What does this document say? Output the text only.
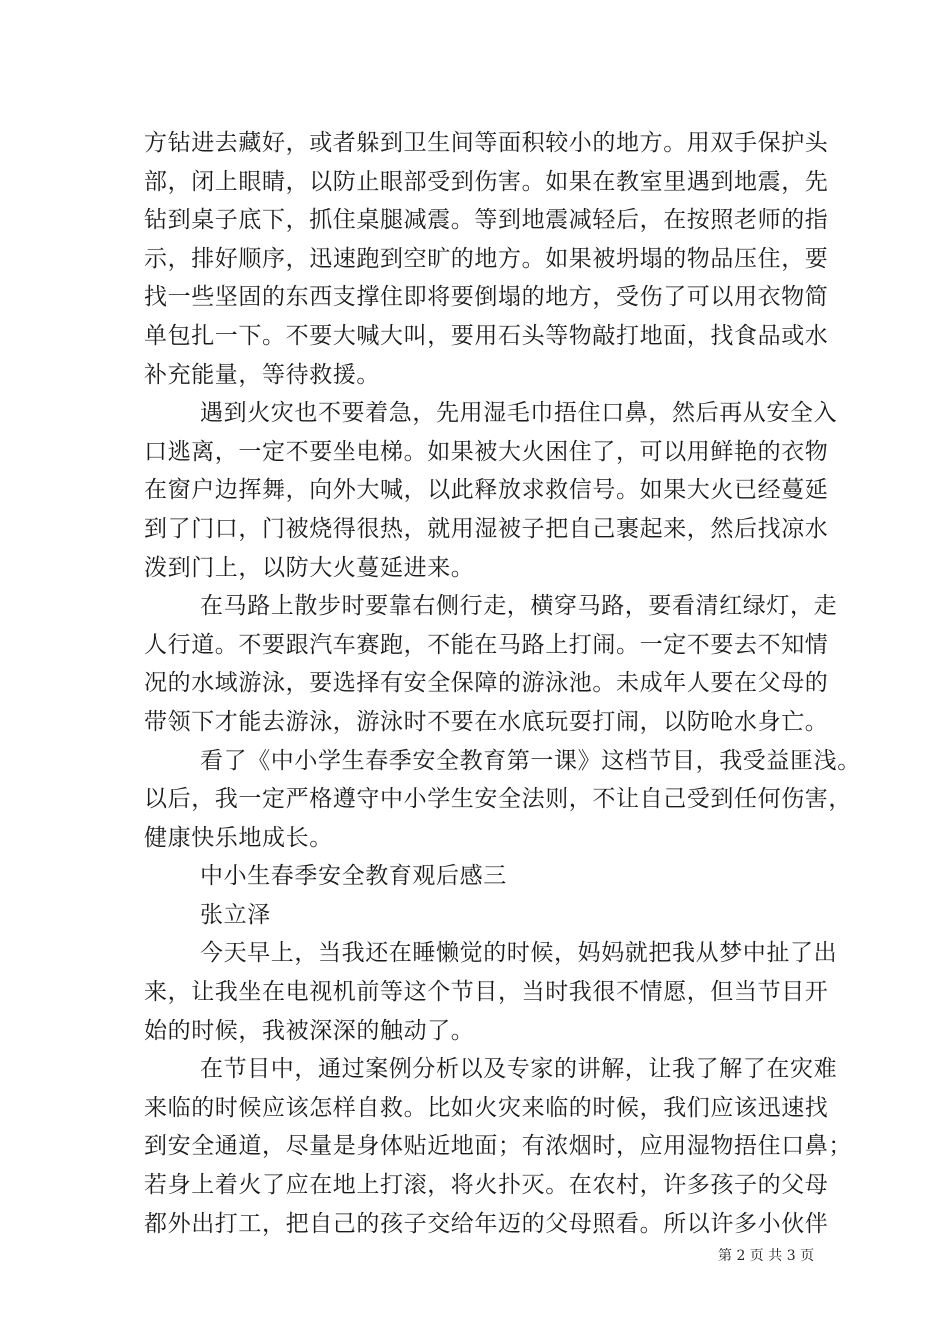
方钻进去藏好，或者躲到卫生间等面积较小的地方。用双手保护头
部，闭上眼睛，以防止眼部受到伤害。如果在教室里遇到地震，先
钻到桌子底下，抓住桌腿减震。等到地震减轻后，在按照老师的指
示，排好顺序，迅速跑到空旷的地方。如果被坍塌的物品压住，要
找一些坚固的东西支撑住即将要倒塌的地方，受伤了可以用衣物简
单包扎一下。不要大喊大叫，要用石头等物敲打地面，找食品或水
补充能量，等待救援。
遇到火灾也不要着急，先用湿毛巾捂住口鼻，然后再从安全入
口逃离，一定不要坐电梯。如果被大火困住了，可以用鲜艳的衣物
在窗户边挥舞，向外大喊，以此释放求救信号。如果大火已经蔓延
到了门口，门被烧得很热，就用湿被子把自己裹起来，然后找凉水
泼到门上，以防大火蔓延进来。
在马路上散步时要靠右侧行走，横穿马路，要看清红绿灯，走
人行道。不要跟汽车赛跑，不能在马路上打闹。一定不要去不知情
况的水域游泳，要选择有安全保障的游泳池。未成年人要在父母的
带领下才能去游泳，游泳时不要在水底玩耍打闹，以防呛水身亡。
看了《中小学生春季安全教育第一课》这档节目，我受益匪浅。
以后，我一定严格遵守中小学生安全法则，不让自己受到任何伤害，
健康快乐地成长。
中小生春季安全教育观后感三
张立泽
今天早上，当我还在睡懒觉的时候，妈妈就把我从梦中扯了出
来，让我坐在电视机前等这个节目，当时我很不情愿，但当节目开
始的时候，我被深深的触动了。
在节目中，通过案例分析以及专家的讲解，让我了解了在灾难
来临的时候应该怎样自救。比如火灾来临的时候，我们应该迅速找
到安全通道，尽量是身体贴近地面；有浓烟时，应用湿物捂住口鼻；
若身上着火了应在地上打滚，将火扑灭。在农村，许多孩子的父母
都外出打工，把自己的孩子交给年迈的父母照看。所以许多小伙伴
第 2 页 共 3 页
